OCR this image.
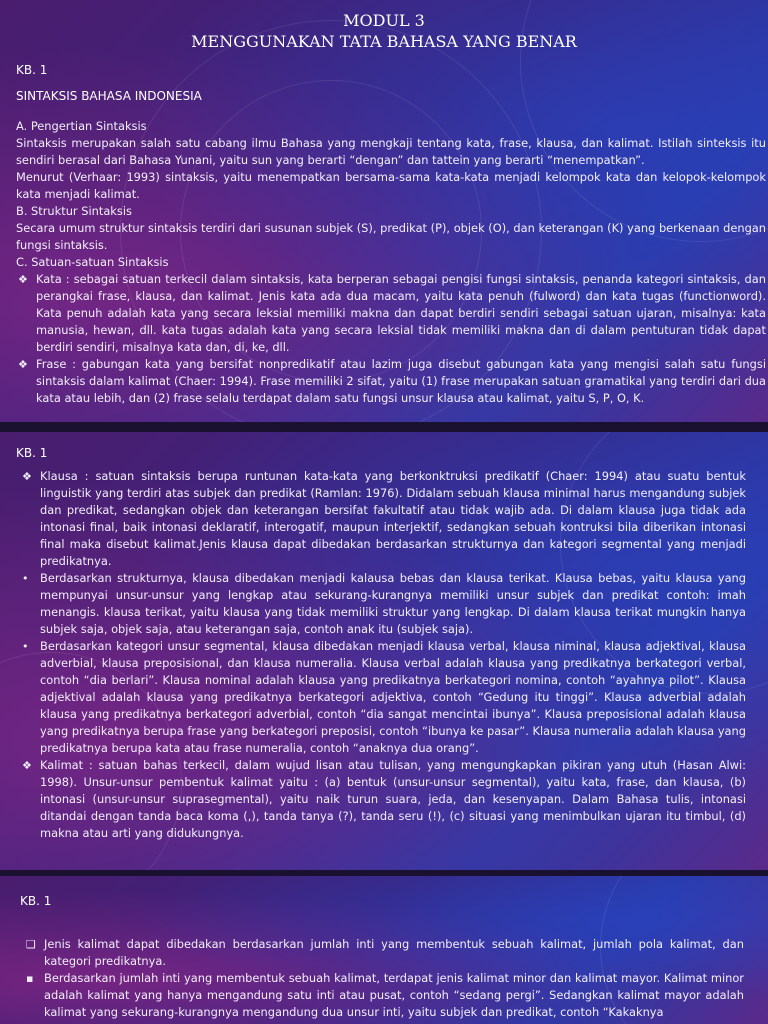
MODUL 3

MENGGUNAKAN TATA BAHASA YANG BENAR

KB. 1
SINTAKSIS BAHASA INDONESIA

A. Pengertian Sintaksis

Sintaksis merupakan salah satu cabang ilmu Bahasa yang mengkaji tentang kata, frase, klausa, dan kalimat. Istilah sinteksis itu sendiri berasal dari Bahasa Yunani, yaitu sun yang berarti “dengan” dan tattein yang berarti “menempatkan”.

Menurut (Verhaar: 1993) sintaksis, yaitu menempatkan bersama-sama kata-kata menjadi kelompok kata dan kelopok-kelompok kata menjadi kalimat.

B. Struktur Sintaksis

Secara umum struktur sintaksis terdiri dari susunan subjek (S), predikat (P), objek (O), dan keterangan (K) yang berkenaan dengan fungsi sintaksis.

C. Satuan-satuan Sintaksis

❖ Kata : sebagai satuan terkecil dalam sintaksis, kata berperan sebagai pengisi fungsi sintaksis, penanda kategori sintaksis, dan perangkai frase, klausa, dan kalimat. Jenis kata ada dua macam, yaitu kata penuh (fulword) dan kata tugas (functionword). Kata penuh adalah kata yang secara leksial memiliki makna dan dapat berdiri sendiri sebagai satuan ujaran, misalnya: kata manusia, hewan, dll. kata tugas adalah kata yang secara leksial tidak memiliki makna dan di dalam pentuturan tidak dapat berdiri sendiri, misalnya kata dan, di, ke, dll.
❖ Frase : gabungan kata yang bersifat nonpredikatif atau lazim juga disebut gabungan kata yang mengisi salah satu fungsi sintaksis dalam kalimat (Chaer: 1994). Frase memiliki 2 sifat, yaitu (1) frase merupakan satuan gramatikal yang terdiri dari dua kata atau lebih, dan (2) frase selalu terdapat dalam satu fungsi unsur klausa atau kalimat, yaitu S, P, O, K.
KB. 1
❖ Klausa : satuan sintaksis berupa runtunan kata-kata yang berkonktruksi predikatif (Chaer: 1994) atau suatu bentuk linguistik yang terdiri atas subjek dan predikat (Ramlan: 1976). Didalam sebuah klausa minimal harus mengandung subjek dan predikat, sedangkan objek dan keterangan bersifat fakultatif atau tidak wajib ada. Di dalam klausa juga tidak ada intonasi final, baik intonasi deklaratif, interogatif, maupun interjektif, sedangkan sebuah kontruksi bila diberikan intonasi final maka disebut kalimat.Jenis klausa dapat dibedakan berdasarkan strukturnya dan kategori segmental yang menjadi predikatnya.
• Berdasarkan strukturnya, klausa dibedakan menjadi kalausa bebas dan klausa terikat. Klausa bebas, yaitu klausa yang mempunyai unsur-unsur yang lengkap atau sekurang-kurangnya memiliki unsur subjek dan predikat contoh: imah menangis. klausa terikat, yaitu klausa yang tidak memiliki struktur yang lengkap. Di dalam klausa terikat mungkin hanya subjek saja, objek saja, atau keterangan saja, contoh anak itu (subjek saja).
• Berdasarkan kategori unsur segmental, klausa dibedakan menjadi klausa verbal, klausa niminal, klausa adjektival, klausa adverbial, klausa preposisional, dan klausa numeralia. Klausa verbal adalah klausa yang predikatnya berkategori verbal, contoh “dia berlari”. Klausa nominal adalah klausa yang predikatnya berkategori nomina, contoh “ayahnya pilot”. Klausa adjektival adalah klausa yang predikatnya berkategori adjektiva, contoh “Gedung itu tinggi”. Klausa adverbial adalah klausa yang predikatnya berkategori adverbial, contoh “dia sangat mencintai ibunya”. Klausa preposisional adalah klausa yang predikatnya berupa frase yang berkategori preposisi, contoh “ibunya ke pasar”. Klausa numeralia adalah klausa yang predikatnya berupa kata atau frase numeralia, contoh “anaknya dua orang”.
❖ Kalimat : satuan bahas terkecil, dalam wujud lisan atau tulisan, yang mengungkapkan pikiran yang utuh (Hasan Alwi: 1998). Unsur-unsur pembentuk kalimat yaitu : (a) bentuk (unsur-unsur segmental), yaitu kata, frase, dan klausa, (b) intonasi (unsur-unsur suprasegmental), yaitu naik turun suara, jeda, dan kesenyapan. Dalam Bahasa tulis, intonasi ditandai dengan tanda baca koma (,), tanda tanya (?), tanda seru (!), (c) situasi yang menimbulkan ujaran itu timbul, (d) makna atau arti yang didukungnya.
KB. 1
❑ Jenis kalimat dapat dibedakan berdasarkan jumlah inti yang membentuk sebuah kalimat, jumlah pola kalimat, dan kategori predikatnya.
▪ Berdasarkan jumlah inti yang membentuk sebuah kalimat, terdapat jenis kalimat minor dan kalimat mayor. Kalimat minor adalah kalimat yang hanya mengandung satu inti atau pusat, contoh “sedang pergi”. Sedangkan kalimat mayor adalah kalimat yang sekurang-kurangnya mengandung dua unsur inti, yaitu subjek dan predikat, contoh “Kakaknya
